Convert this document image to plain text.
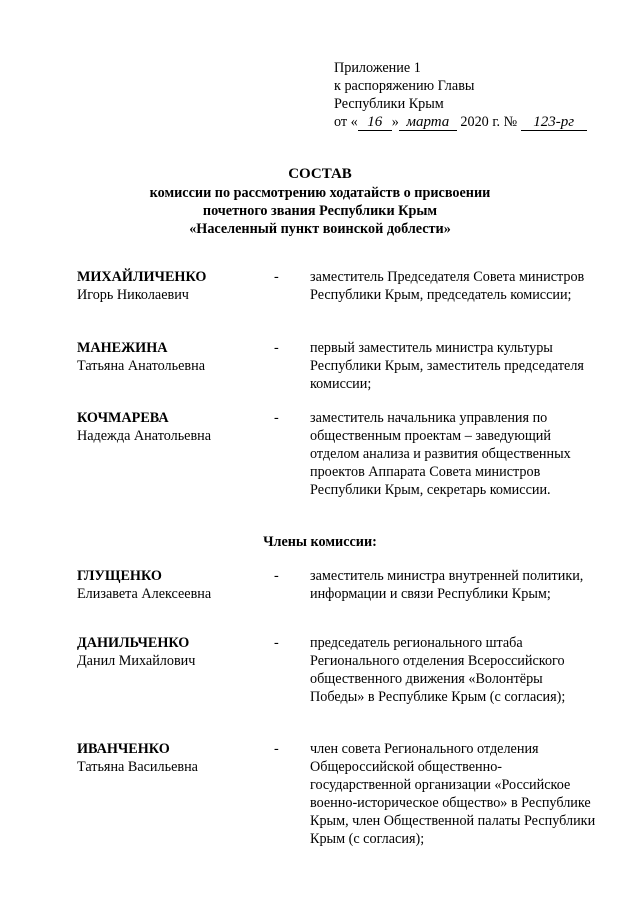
Приложение 1
к распоряжению Главы
Республики Крым
от « 16 » марта 2020 г. № 123-рг
СОСТАВ
комиссии по рассмотрению ходатайств о присвоении
почетного звания Республики Крым
«Населенный пункт воинской доблести»
МИХАЙЛИЧЕНКО
Игорь Николаевич
- заместитель Председателя Совета министров Республики Крым, председатель комиссии;
МАНЕЖИНА
Татьяна Анатольевна
- первый заместитель министра культуры Республики Крым, заместитель председателя комиссии;
КОЧМАРЕВА
Надежда Анатольевна
- заместитель начальника управления по общественным проектам – заведующий отделом анализа и развития общественных проектов Аппарата Совета министров Республики Крым, секретарь комиссии.
Члены комиссии:
ГЛУЩЕНКО
Елизавета Алексеевна
- заместитель министра внутренней политики, информации и связи Республики Крым;
ДАНИЛЬЧЕНКО
Данил Михайлович
- председатель регионального штаба Регионального отделения Всероссийского общественного движения «Волонтёры Победы» в Республике Крым (с согласия);
ИВАНЧЕНКО
Татьяна Васильевна
- член совета Регионального отделения Общероссийской общественно-государственной организации «Российское военно-историческое общество» в Республике Крым, член Общественной палаты Республики Крым (с согласия);
